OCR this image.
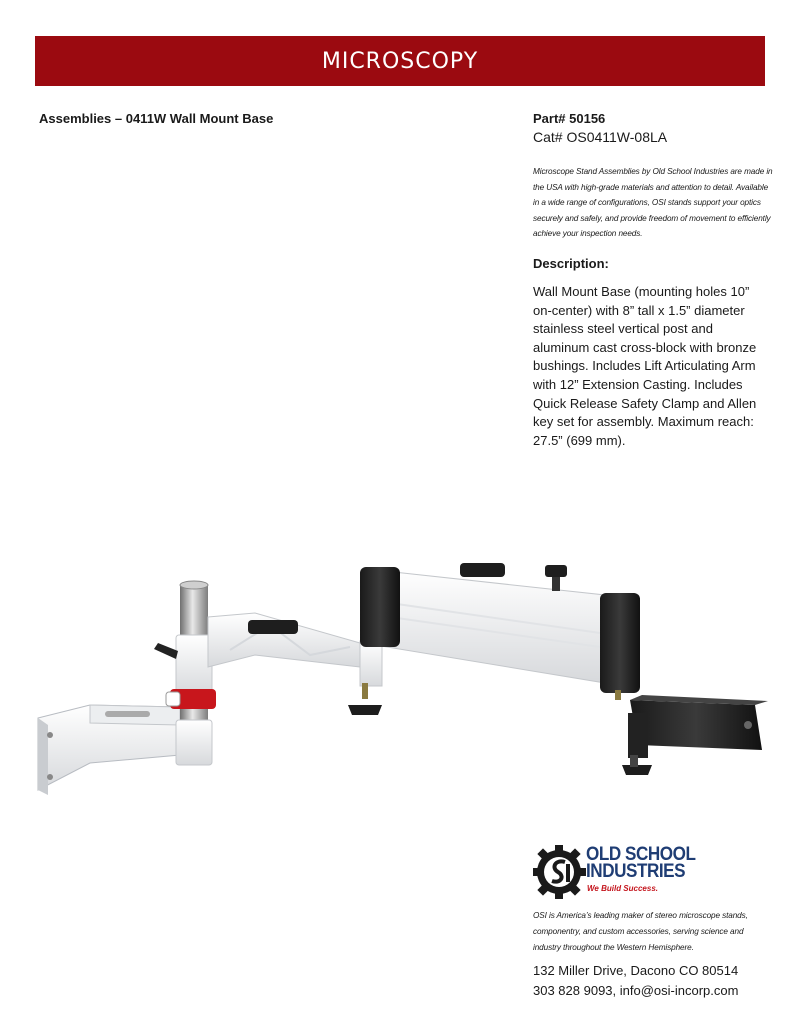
MICROSCOPY
Assemblies – 0411W Wall Mount Base	Part# 50156
Cat# OS0411W-08LA
Microscope Stand Assemblies by Old School Industries are made in the USA with high-grade materials and attention to detail. Available in a wide range of configurations, OSI stands support your optics securely and safely, and provide freedom of movement to efficiently achieve your inspection needs.
Description:
Wall Mount Base (mounting holes 10” on-center) with 8” tall x 1.5” diameter stainless steel vertical post and aluminum cast cross-block with bronze bushings. Includes Lift Articulating Arm with 12” Extension Casting. Includes Quick Release Safety Clamp and Allen key set for assembly. Maximum reach: 27.5” (699 mm).
OLD SCHOOL
INDUSTRIES
We Build Success.
OSI is America’s leading maker of stereo microscope stands, componentry, and custom accessories, serving science and industry throughout the Western Hemisphere.
132 Miller Drive, Dacono CO 80514
303 828 9093, info@osi-incorp.com
